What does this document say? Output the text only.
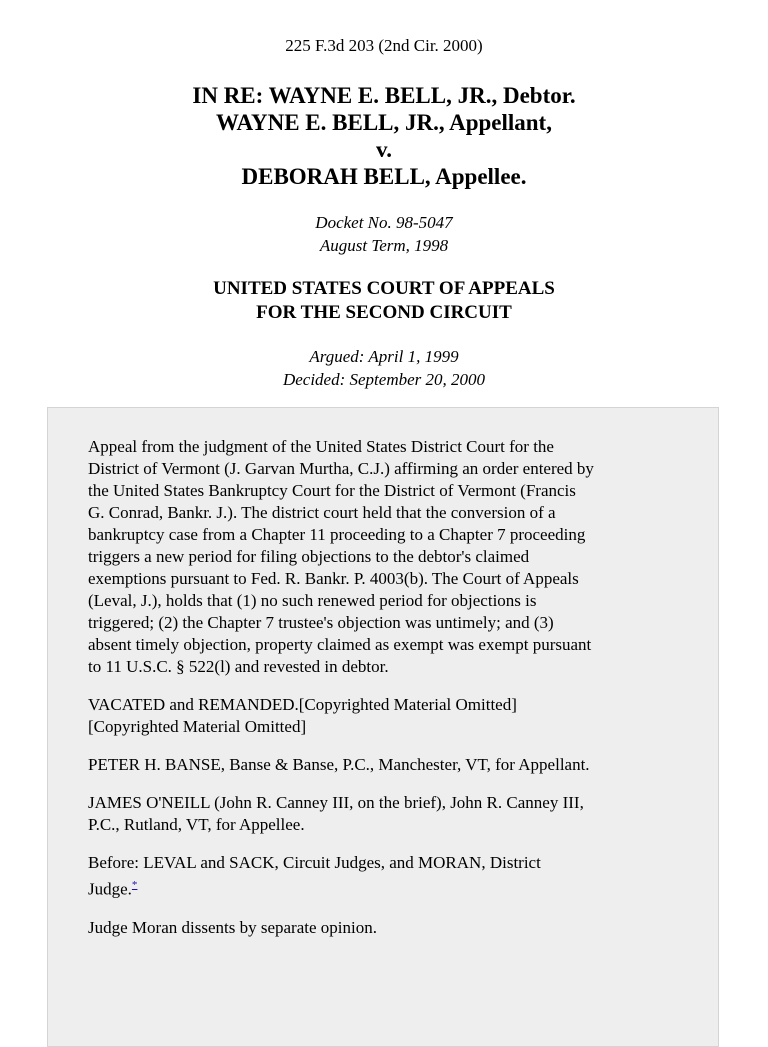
225 F.3d 203 (2nd Cir. 2000)
IN RE: WAYNE E. BELL, JR., Debtor.
WAYNE E. BELL, JR., Appellant,
v.
DEBORAH BELL, Appellee.
Docket No. 98-5047
August Term, 1998
UNITED STATES COURT OF APPEALS
FOR THE SECOND CIRCUIT
Argued: April 1, 1999
Decided: September 20, 2000

Appeal from the judgment of the United States District Court for the
District of Vermont (J. Garvan Murtha, C.J.) affirming an order entered by
the United States Bankruptcy Court for the District of Vermont (Francis
G. Conrad, Bankr. J.). The district court held that the conversion of a
bankruptcy case from a Chapter 11 proceeding to a Chapter 7 proceeding
triggers a new period for filing objections to the debtor's claimed
exemptions pursuant to Fed. R. Bankr. P. 4003(b). The Court of Appeals
(Leval, J.), holds that (1) no such renewed period for objections is
triggered; (2) the Chapter 7 trustee's objection was untimely; and (3)
absent timely objection, property claimed as exempt was exempt pursuant
to 11 U.S.C. § 522(l) and revested in debtor.

VACATED and REMANDED.[Copyrighted Material Omitted]
[Copyrighted Material Omitted]

PETER H. BANSE, Banse & Banse, P.C., Manchester, VT, for Appellant.

JAMES O'NEILL (John R. Canney III, on the brief), John R. Canney III,
P.C., Rutland, VT, for Appellee.

Before: LEVAL and SACK, Circuit Judges, and MORAN, District
Judge.*

Judge Moran dissents by separate opinion.
